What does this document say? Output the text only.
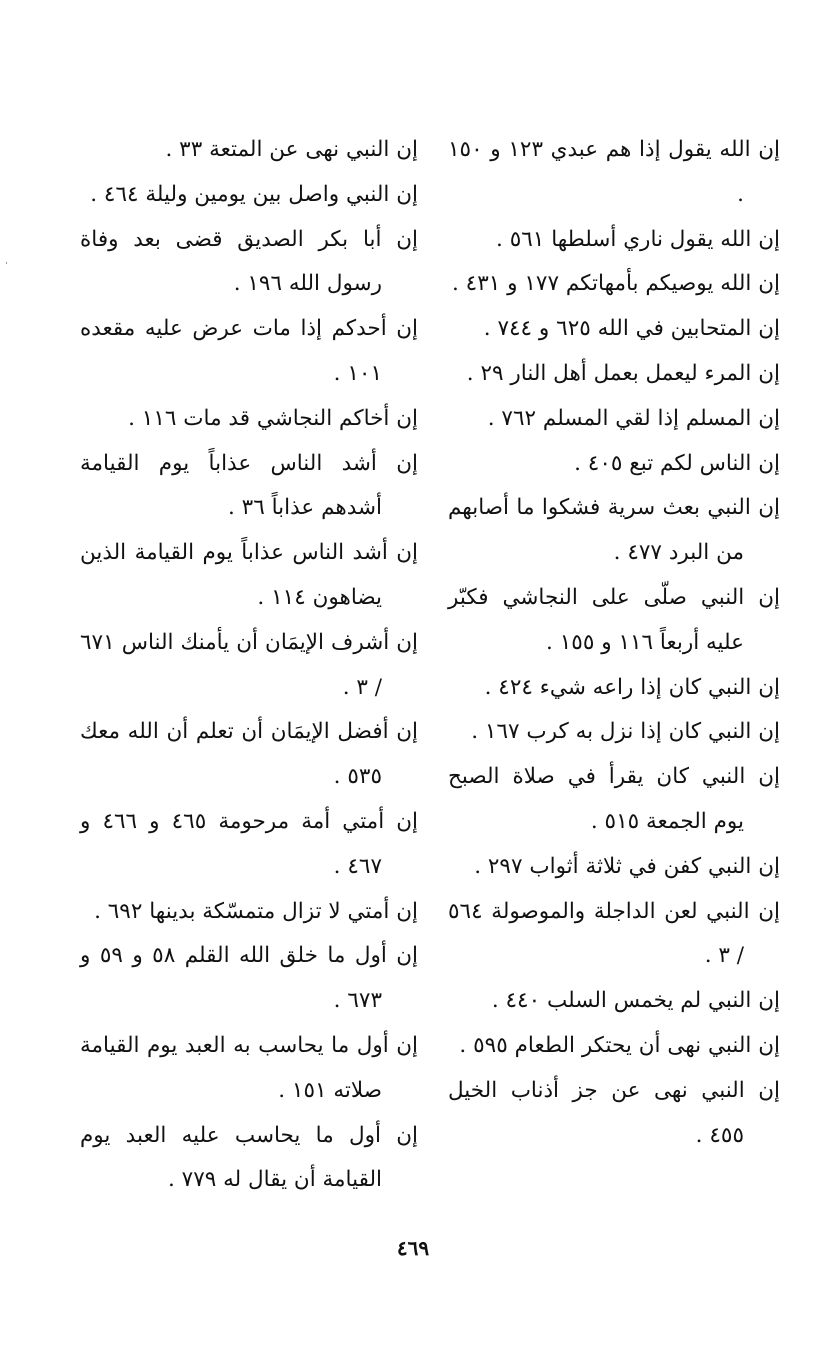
إن الله يقول إذا هم عبدي ١٢٣ و ١٥٠ .
إن الله يقول ناري أسلطها ٥٦١ .
إن الله يوصيكم بأمهاتكم ١٧٧ و ٤٣١ .
إن المتحابين في الله ٦٢٥ و ٧٤٤ .
إن المرء ليعمل بعمل أهل النار ٢٩ .
إن المسلم إذا لقي المسلم ٧٦٢ .
إن الناس لكم تبع ٤٠٥ .
إن النبي بعث سرية فشكوا ما أصابهم من البرد ٤٧٧ .
إن النبي صلّى على النجاشي فكبّر عليه أربعاً ١١٦ و ١٥٥ .
إن النبي كان إذا راعه شيء ٤٢٤ .
إن النبي كان إذا نزل به كرب ١٦٧ .
إن النبي كان يقرأ في صلاة الصبح يوم الجمعة ٥١٥ .
إن النبي كفن في ثلاثة أثواب ٢٩٧ .
إن النبي لعن الداجلة والموصولة ٥٦٤ / ٣ .
إن النبي لم يخمس السلب ٤٤٠ .
إن النبي نهى أن يحتكر الطعام ٥٩٥ .
إن النبي نهى عن جز أذناب الخيل ٤٥٥ .
إن النبي نهى عن المتعة ٣٣ .
إن النبي واصل بين يومين وليلة ٤٦٤ .
إن أبا بكر الصديق قضى بعد وفاة رسول الله ١٩٦ .
إن أحدكم إذا مات عرض عليه مقعده ١٠١ .
إن أخاكم النجاشي قد مات ١١٦ .
إن أشد الناس عذاباً يوم القيامة أشدهم عذاباً ٣٦ .
إن أشد الناس عذاباً يوم القيامة الذين يضاهون ١١٤ .
إن أشرف الإيمَان أن يأمنك الناس ٦٧١ / ٣ .
إن أفضل الإيمَان أن تعلم أن الله معك ٥٣٥ .
إن أمتي أمة مرحومة ٤٦٥ و ٤٦٦ و ٤٦٧ .
إن أمتي لا تزال متمسّكة بدينها ٦٩٢ .
إن أول ما خلق الله القلم ٥٨ و ٥٩ و ٦٧٣ .
إن أول ما يحاسب به العبد يوم القيامة صلاته ١٥١ .
إن أول ما يحاسب عليه العبد يوم القيامة أن يقال له ٧٧٩ .
٤٦٩
